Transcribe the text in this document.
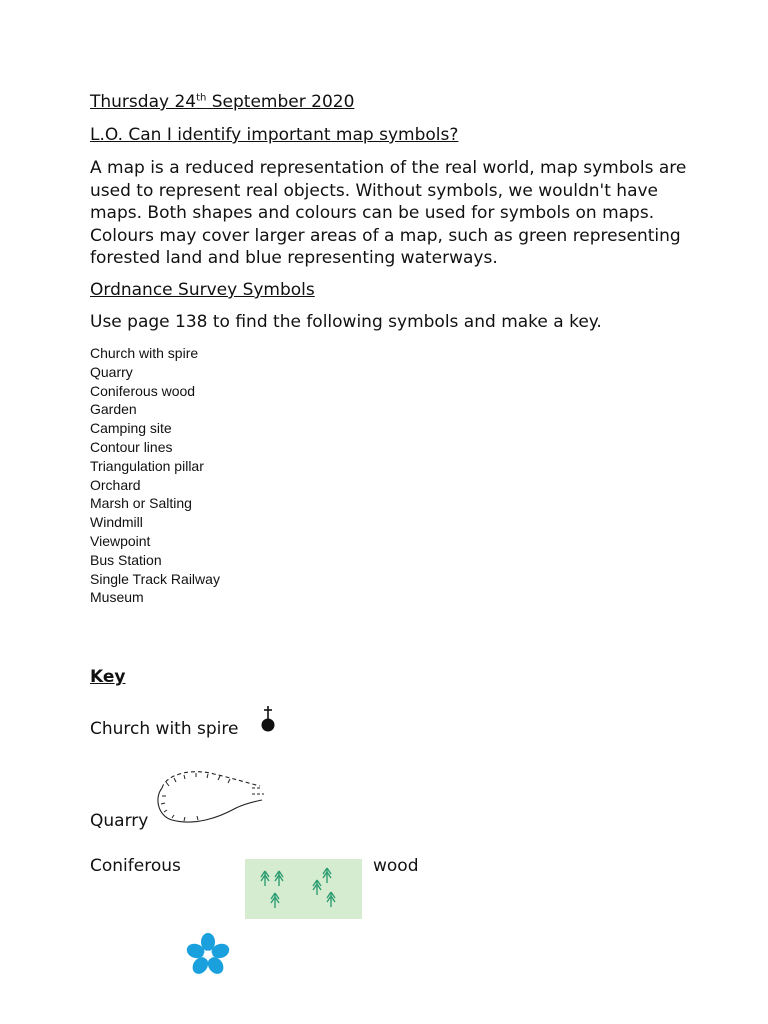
Thursday 24th September 2020
L.O. Can I identify important map symbols?

A map is a reduced representation of the real world, map symbols are used to represent real objects. Without symbols, we wouldn't have maps. Both shapes and colours can be used for symbols on maps. Colours may cover larger areas of a map, such as green representing forested land and blue representing waterways.

Ordnance Survey Symbols
Use page 138 to find the following symbols and make a key.
Church with spire
Quarry
Coniferous wood
Garden
Camping site
Contour lines
Triangulation pillar
Orchard
Marsh or Salting
Windmill
Viewpoint
Bus Station
Single Track Railway
Museum
Key
Church with spire
Quarry
Coniferous	wood
